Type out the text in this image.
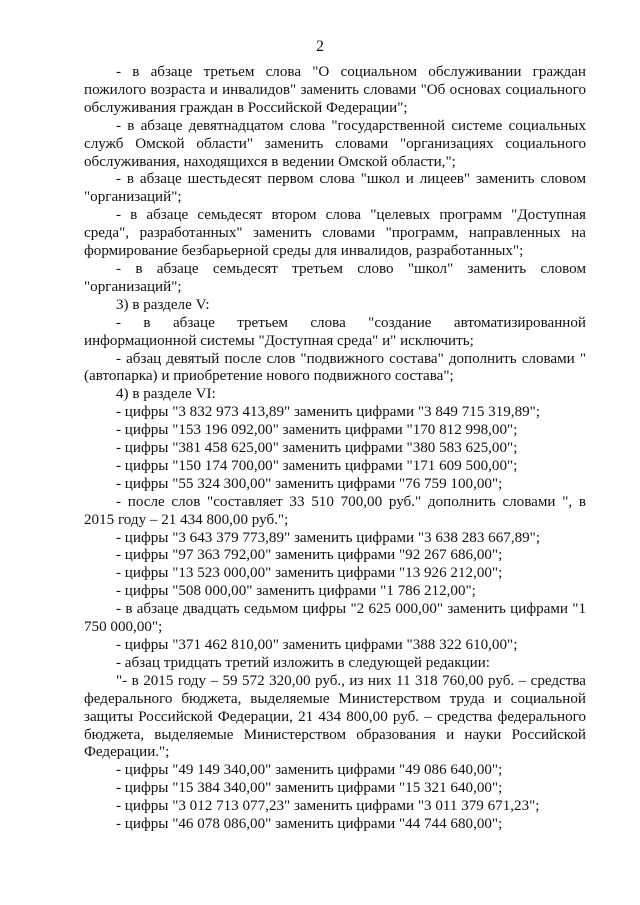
2

- в абзаце третьем слова "О социальном обслуживании граждан пожилого возраста и инвалидов" заменить словами "Об основах социального обслуживания граждан в Российской Федерации";

- в абзаце девятнадцатом слова "государственной системе социальных служб Омской области" заменить словами "организациях социального обслуживания, находящихся в ведении Омской области,";

- в абзаце шестьдесят первом слова "школ и лицеев" заменить словом "организаций";

- в абзаце семьдесят втором слова "целевых программ "Доступная среда", разработанных" заменить словами "программ, направленных на формирование безбарьерной среды для инвалидов, разработанных";

- в абзаце семьдесят третьем слово "школ" заменить словом "организаций";

3) в разделе V:

- в абзаце третьем слова "создание автоматизированной информационной системы "Доступная среда" и" исключить;

- абзац девятый после слов "подвижного состава" дополнить словами "(автопарка) и приобретение нового подвижного состава";

4) в разделе VI:

- цифры "3 832 973 413,89" заменить цифрами "3 849 715 319,89";

- цифры "153 196 092,00" заменить цифрами "170 812 998,00";

- цифры "381 458 625,00" заменить цифрами "380 583 625,00";

- цифры "150 174 700,00" заменить цифрами "171 609 500,00";

- цифры "55 324 300,00" заменить цифрами "76 759 100,00";

- после слов "составляет 33 510 700,00 руб." дополнить словами ", в 2015 году – 21 434 800,00 руб.";

- цифры "3 643 379 773,89" заменить цифрами "3 638 283 667,89";

- цифры "97 363 792,00" заменить цифрами "92 267 686,00";

- цифры "13 523 000,00" заменить цифрами "13 926 212,00";

- цифры "508 000,00" заменить цифрами "1 786 212,00";

- в абзаце двадцать седьмом цифры "2 625 000,00" заменить цифрами "1 750 000,00";

- цифры "371 462 810,00" заменить цифрами "388 322 610,00";

- абзац тридцать третий изложить в следующей редакции:

"- в 2015 году – 59 572 320,00 руб., из них 11 318 760,00 руб. – средства федерального бюджета, выделяемые Министерством труда и социальной защиты Российской Федерации, 21 434 800,00 руб. – средства федерального бюджета, выделяемые Министерством образования и науки Российской Федерации.";

- цифры "49 149 340,00" заменить цифрами "49 086 640,00";

- цифры "15 384 340,00" заменить цифрами "15 321 640,00";

- цифры "3 012 713 077,23" заменить цифрами "3 011 379 671,23";

- цифры "46 078 086,00" заменить цифрами "44 744 680,00";
